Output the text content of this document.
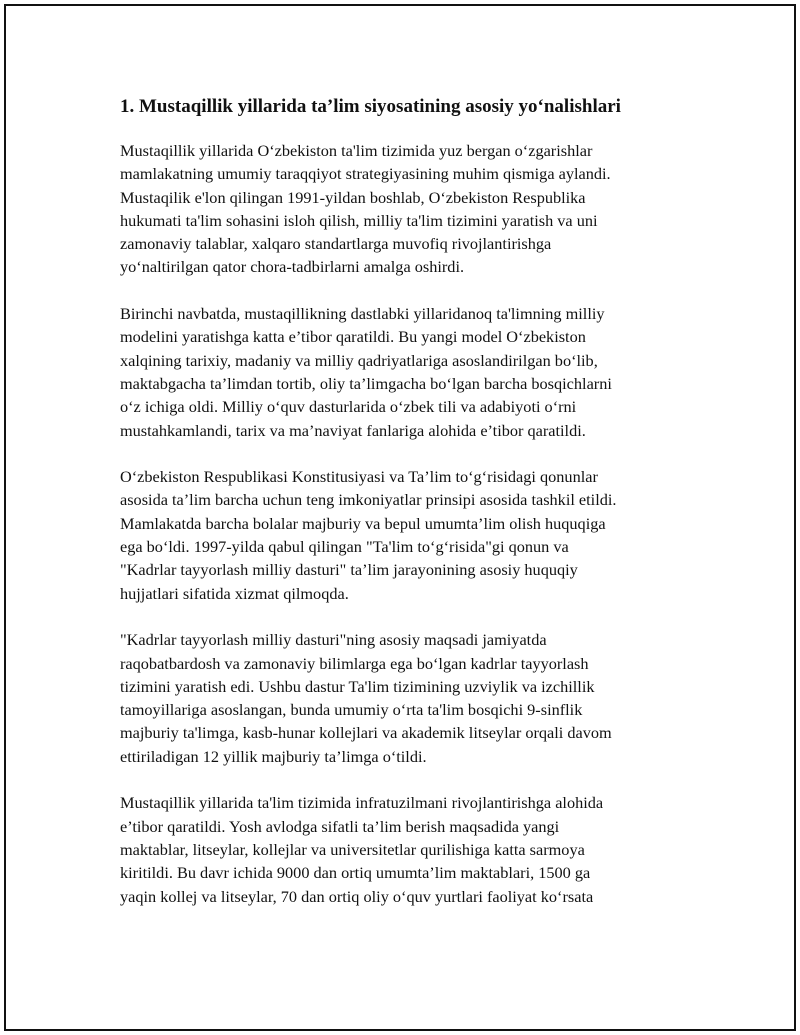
1. Mustaqillik yillarida ta’lim siyosatining asosiy yo‘nalishlari
Mustaqillik yillarida O‘zbekiston ta'lim tizimida yuz bergan o‘zgarishlar
mamlakatning umumiy taraqqiyot strategiyasining muhim qismiga aylandi.
Mustaqilik e'lon qilingan 1991-yildan boshlab, O‘zbekiston Respublika
hukumati ta'lim sohasini isloh qilish, milliy ta'lim tizimini yaratish va uni
zamonaviy talablar, xalqaro standartlarga muvofiq rivojlantirishga
yo‘naltirilgan qator chora-tadbirlarni amalga oshirdi.
Birinchi navbatda, mustaqillikning dastlabki yillaridanoq ta'limning milliy
modelini yaratishga katta e’tibor qaratildi. Bu yangi model O‘zbekiston
xalqining tarixiy, madaniy va milliy qadriyatlariga asoslandirilgan bo‘lib,
maktabgacha ta’limdan tortib, oliy ta’limgacha bo‘lgan barcha bosqichlarni
o‘z ichiga oldi. Milliy o‘quv dasturlarida o‘zbek tili va adabiyoti o‘rni
mustahkamlandi, tarix va ma’naviyat fanlariga alohida e’tibor qaratildi.
O‘zbekiston Respublikasi Konstitusiyasi va Ta’lim to‘g‘risidagi qonunlar
asosida ta’lim barcha uchun teng imkoniyatlar prinsipi asosida tashkil etildi.
Mamlakatda barcha bolalar majburiy va bepul umumta’lim olish huquqiga
ega bo‘ldi. 1997-yilda qabul qilingan "Ta'lim to‘g‘risida"gi qonun va
"Kadrlar tayyorlash milliy dasturi" ta’lim jarayonining asosiy huquqiy
hujjatlari sifatida xizmat qilmoqda.
"Kadrlar tayyorlash milliy dasturi"ning asosiy maqsadi jamiyatda
raqobatbardosh va zamonaviy bilimlarga ega bo‘lgan kadrlar tayyorlash
tizimini yaratish edi. Ushbu dastur Ta'lim tizimining uzviylik va izchillik
tamoyillariga asoslangan, bunda umumiy o‘rta ta'lim bosqichi 9-sinflik
majburiy ta'limga, kasb-hunar kollejlari va akademik litseylar orqali davom
ettiriladigan 12 yillik majburiy ta’limga o‘tildi.
Mustaqillik yillarida ta'lim tizimida infratuzilmani rivojlantirishga alohida
e’tibor qaratildi. Yosh avlodga sifatli ta’lim berish maqsadida yangi
maktablar, litseylar, kollejlar va universitetlar qurilishiga katta sarmoya
kiritildi. Bu davr ichida 9000 dan ortiq umumta’lim maktablari, 1500 ga
yaqin kollej va litseylar, 70 dan ortiq oliy o‘quv yurtlari faoliyat ko‘rsata
